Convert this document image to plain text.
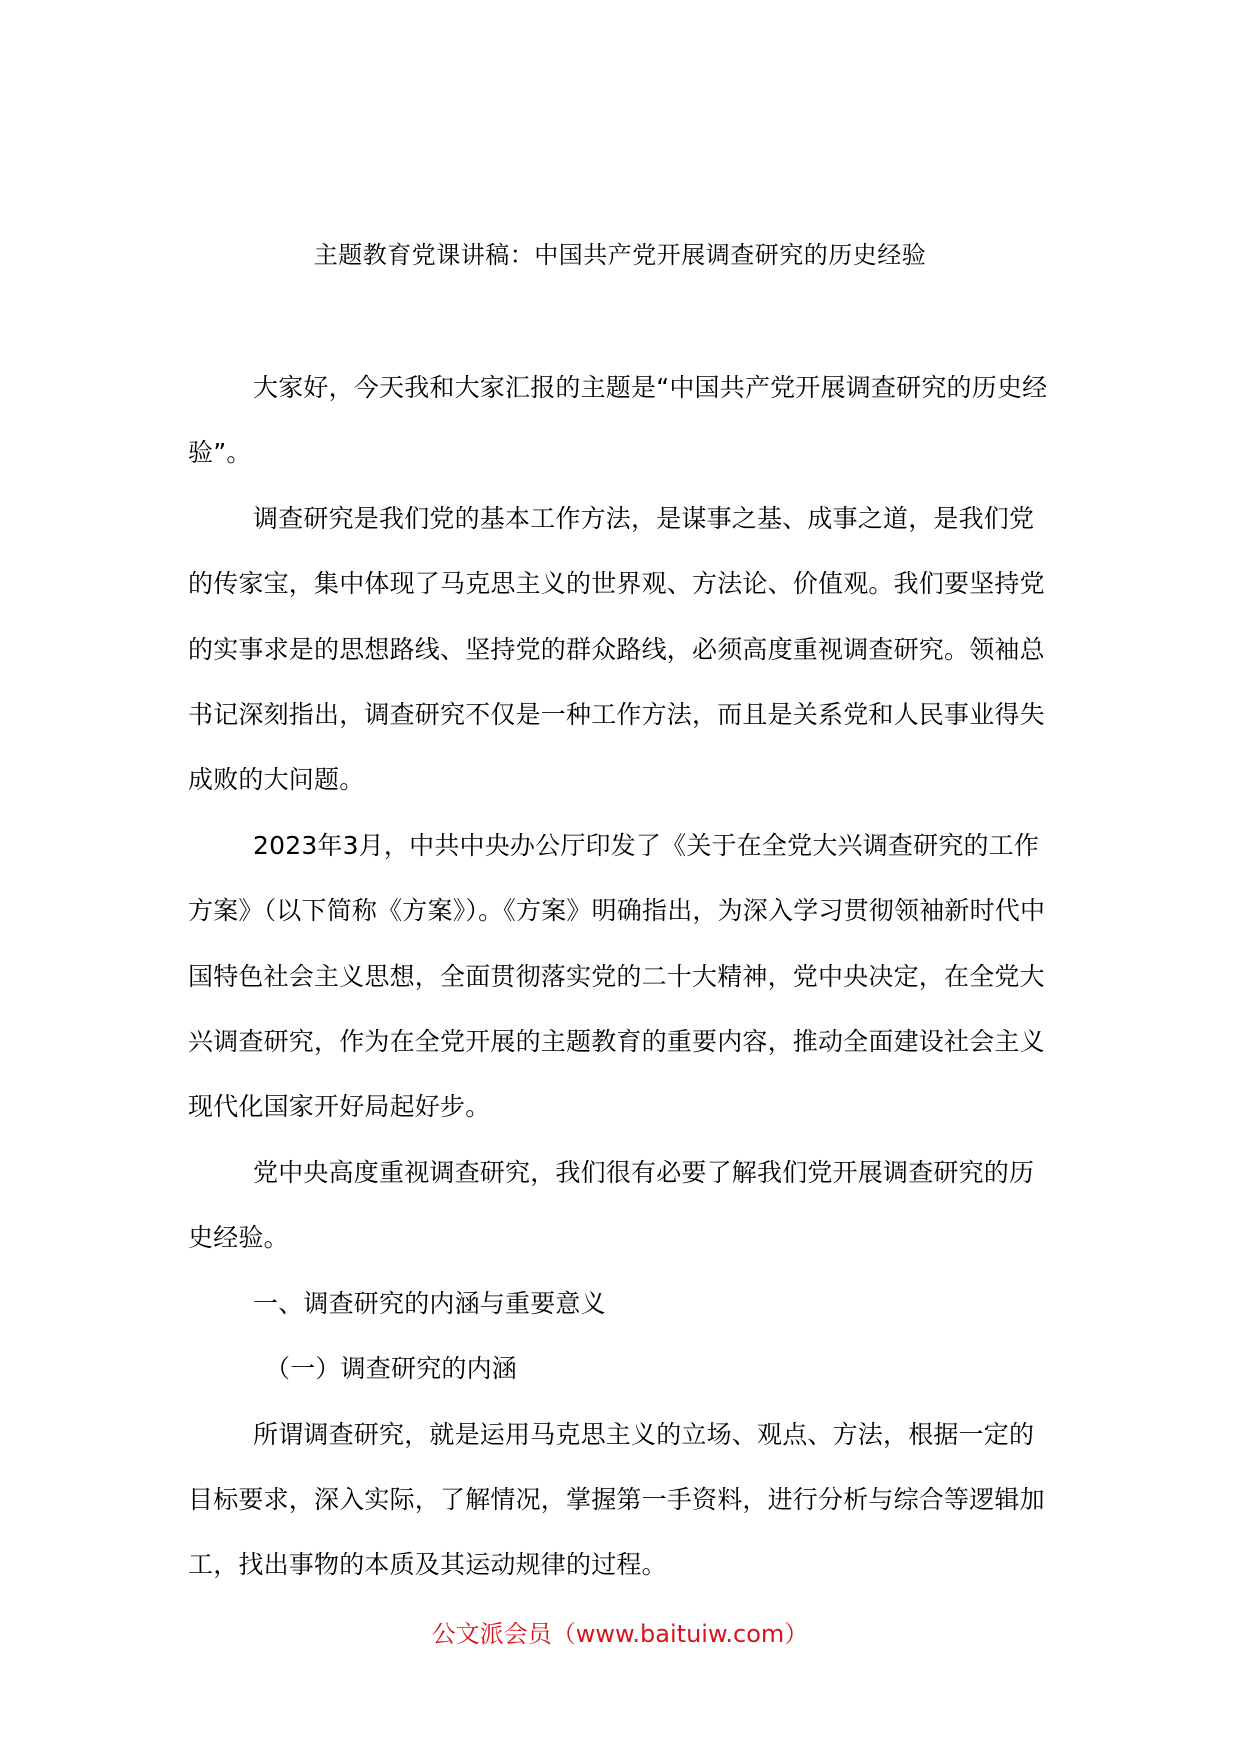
主题教育党课讲稿：中国共产党开展调查研究的历史经验

大家好，今天我和大家汇报的主题是“中国共产党开展调查研究的历史经验”。

调查研究是我们党的基本工作方法，是谋事之基、成事之道，是我们党的传家宝，集中体现了马克思主义的世界观、方法论、价值观。我们要坚持党的实事求是的思想路线、坚持党的群众路线，必须高度重视调查研究。领袖总书记深刻指出，调查研究不仅是一种工作方法，而且是关系党和人民事业得失成败的大问题。

2023年3月，中共中央办公厅印发了《关于在全党大兴调查研究的工作方案》（以下简称《方案》）。《方案》明确指出，为深入学习贯彻领袖新时代中国特色社会主义思想，全面贯彻落实党的二十大精神，党中央决定，在全党大兴调查研究，作为在全党开展的主题教育的重要内容，推动全面建设社会主义现代化国家开好局起好步。

党中央高度重视调查研究，我们很有必要了解我们党开展调查研究的历史经验。

一、调查研究的内涵与重要意义

（一）调查研究的内涵

所谓调查研究，就是运用马克思主义的立场、观点、方法，根据一定的目标要求，深入实际，了解情况，掌握第一手资料，进行分析与综合等逻辑加工，找出事物的本质及其运动规律的过程。

公文派会员（www.baituiw.com）
